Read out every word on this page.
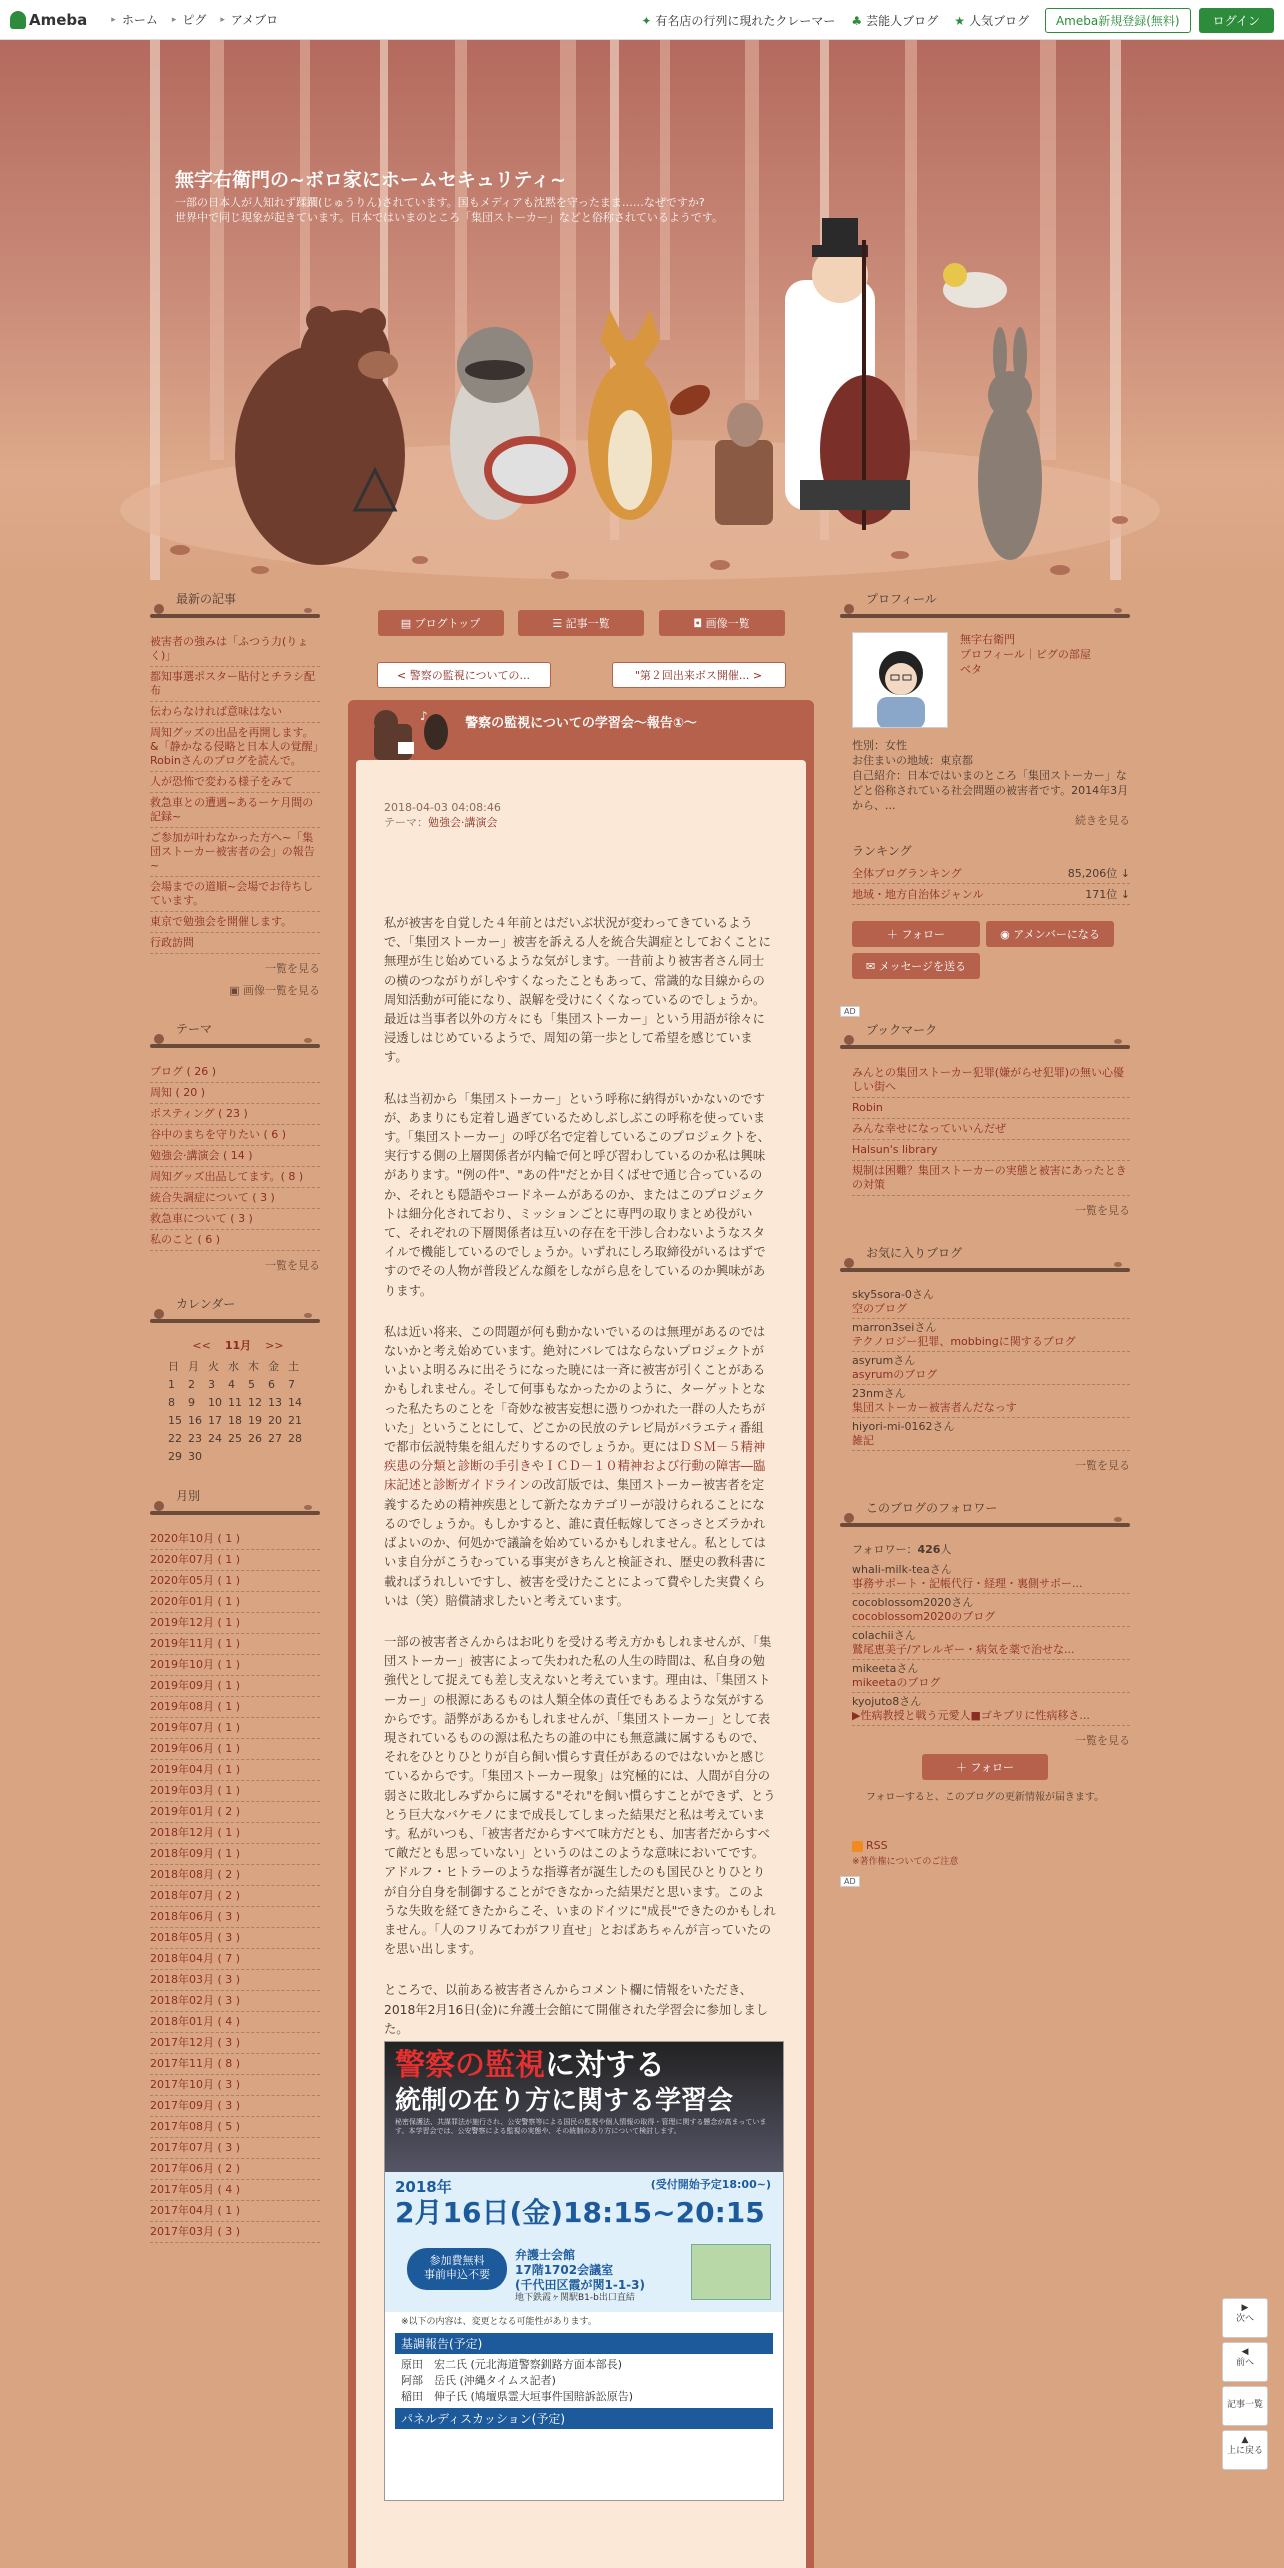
Ameba	▸ ホーム ▸ ピグ ▸ アメブロ	✦ 有名店の行列に現れたクレーマー ♣ 芸能人ブログ ★ 人気ブログ	Ameba新規登録(無料)	ログイン
無字右衛門の~ボロ家にホームセキュリティ~
一部の日本人が人知れず蹂躙(じゅうりん)されています。国もメディアも沈黙を守ったまま……なぜですか?
世界中で同じ現象が起きています。日本ではいまのところ「集団ストーカー」などと俗称されているようです。
最新の記事
被害者の強みは「ふつう力(りょく)」
都知事選ポスター貼付とチラシ配布
伝わらなければ意味はない
周知グッズの出品を再開します。&「静かなる侵略と日本人の覚醒」Robinさんのブログを読んで。
人が恐怖で変わる様子をみて
救急車との遭遇~あるーケ月間の記録~
ご参加が叶わなかった方へ~「集団ストーカー被害者の会」の報告~
会場までの道順~会場でお待ちしています。
東京で勉強会を開催します。
行政訪問
一覧を見る
▣ 画像一覧を見る
テーマ
ブログ ( 26 )
周知 ( 20 )
ポスティング ( 23 )
谷中のまちを守りたい ( 6 )
勉強会·講演会 ( 14 )
周知グッズ出品してます。( 8 )
統合失調症について ( 3 )
救急車について ( 3 )
私のこと ( 6 )
一覧を見る
カレンダー
<< 11月 >>
日	月	火	水	木	金	土
1	2	3	4	5	6	7
8	9	10	11	12	13	14
15	16	17	18	19	20	21
22	23	24	25	26	27	28
29	30					
月別
2020年10月 ( 1 )
2020年07月 ( 1 )
2020年05月 ( 1 )
2020年01月 ( 1 )
2019年12月 ( 1 )
2019年11月 ( 1 )
2019年10月 ( 1 )
2019年09月 ( 1 )
2019年08月 ( 1 )
2019年07月 ( 1 )
2019年06月 ( 1 )
2019年04月 ( 1 )
2019年03月 ( 1 )
2019年01月 ( 2 )
2018年12月 ( 1 )
2018年09月 ( 1 )
2018年08月 ( 2 )
2018年07月 ( 2 )
2018年06月 ( 3 )
2018年05月 ( 3 )
2018年04月 ( 7 )
2018年03月 ( 3 )
2018年02月 ( 3 )
2018年01月 ( 4 )
2017年12月 ( 3 )
2017年11月 ( 8 )
2017年10月 ( 3 )
2017年09月 ( 3 )
2017年08月 ( 5 )
2017年07月 ( 3 )
2017年06月 ( 2 )
2017年05月 ( 4 )
2017年04月 ( 1 )
2017年03月 ( 3 )
▤ ブログトップ	☰ 記事一覧	◘ 画像一覧
< 警察の監視についての...	"第２回出来ボス開催... >
♪	警察の監視についての学習会～報告①～
2018-04-03 04:08:46
テーマ：勉強会·講演会

私が被害を自覚した４年前とはだいぶ状況が変わってきているようで、「集団ストーカー」被害を訴える人を統合失調症としておくことに無理が生じ始めているような気がします。一昔前より被害者さん同士の横のつながりがしやすくなったこともあって、常識的な目線からの周知活動が可能になり、誤解を受けにくくなっているのでしょうか。最近は当事者以外の方々にも「集団ストーカー」という用語が徐々に浸透しはじめているようで、周知の第一歩として希望を感じています。

私は当初から「集団ストーカー」という呼称に納得がいかないのですが、あまりにも定着し過ぎているためしぶしぶこの呼称を使っています。「集団ストーカー」の呼び名で定着しているこのプロジェクトを、実行する側の上層関係者が内輪で何と呼び習わしているのか私は興味があります。"例の件"、"あの件"だとか目くばせで通じ合っているのか、それとも隠語やコードネームがあるのか、またはこのプロジェクトは細分化されており、ミッションごとに専門の取りまとめ役がいて、それぞれの下層関係者は互いの存在を干渉し合わないようなスタイルで機能しているのでしょうか。いずれにしろ取締役がいるはずですのでその人物が普段どんな顔をしながら息をしているのか興味があります。

私は近い将来、この問題が何も動かないでいるのは無理があるのではないかと考え始めています。絶対にバレてはならないプロジェクトがいよいよ明るみに出そうになった暁には一斉に被害が引くことがあるかもしれません。そして何事もなかったかのように、ターゲットとなった私たちのことを「奇妙な被害妄想に憑りつかれた一群の人たちがいた」ということにして、どこかの民放のテレビ局がバラエティ番組で都市伝説特集を組んだりするのでしょうか。更にはＤＳＭ－５精神疾患の分類と診断の手引きやＩＣＤ－１０精神および行動の障害―臨床記述と診断ガイドラインの改訂版では、集団ストーカー被害者を定義するための精神疾患として新たなカテゴリーが設けられることになるのでしょうか。もしかすると、誰に責任転嫁してさっさとズラかればよいのか、何処かで議論を始めているかもしれません。私としてはいま自分がこうむっている事実がきちんと検証され、歴史の教科書に載ればうれしいですし、被害を受けたことによって費やした実費くらいは（笑）賠償請求したいと考えています。

一部の被害者さんからはお叱りを受ける考え方かもしれませんが、「集団ストーカー」被害によって失われた私の人生の時間は、私自身の勉強代として捉えても差し支えないと考えています。理由は、「集団ストーカー」の根源にあるものは人類全体の責任でもあるような気がするからです。語弊があるかもしれませんが、「集団ストーカー」として表現されているものの源は私たちの誰の中にも無意識に属するもので、それをひとりひとりが自ら飼い慣らす責任があるのではないかと感じているからです。「集団ストーカー現象」は究極的には、人間が自分の弱さに敗北しみずからに属する"それ"を飼い慣らすことができず、とうとう巨大なバケモノにまで成長してしまった結果だと私は考えています。私がいつも、「被害者だからすべて味方だとも、加害者だからすべて敵だとも思っていない」というのはこのような意味においてです。アドルフ・ヒトラーのような指導者が誕生したのも国民ひとりひとりが自分自身を制御することができなかった結果だと思います。このような失敗を経てきたからこそ、いまのドイツに"成長"できたのかもしれません。「人のフリみてわがフリ直せ」とおばあちゃんが言っていたのを思い出します。

ところで、以前ある被害者さんからコメント欄に情報をいただき、2018年2月16日(金)に弁護士会館にて開催された学習会に参加しました。

警察の監視に対する
統制の在り方に関する学習会
秘密保護法、共謀罪法が施行され、公安警察等による国民の監視や個人情報の取得・管理に関する懸念が高まっています。本学習会では、公安警察による監視の実態や、その統制のあり方について検討します。
2018年
2月16日(金)18:15~20:15
(受付開始予定18:00~)
参加費無料
事前申込不要
弁護士会館
17階1702会議室
(千代田区霞が関1-1-3)
地下鉄霞ヶ関駅B1-b出口直結
※以下の内容は、変更となる可能性があります。
基調報告(予定)
原田　宏二氏 (元北海道警察釧路方面本部長)
阿部　岳氏 (沖縄タイムス記者)
稲田　伸子氏 (鳩壇県霊大垣事件国賠訴訟原告)
パネルディスカッション(予定)
プロフィール
無字右衛門
プロフィール｜ピグの部屋
ベタ
性別：女性
お住まいの地域：東京都
自己紹介：日本ではいまのところ「集団ストーカー」などと俗称されている社会問題の被害者です。2014年3月から、...
続きを見る
ランキング
全体ブログランキング	85,206位 ↓
地域・地方自治体ジャンル	171位 ↓
＋ フォロー	◉ アメンバーになる
✉ メッセージを送る
AD
ブックマーク
みんとの集団ストーカー犯罪(嫌がらせ犯罪)の無い心優しい街へ
Robin
みんな幸せになっていいんだぜ
Halsun's library
規制は困難？集団ストーカーの実態と被害にあったときの対策
一覧を見る
お気に入りブログ
sky5sora-0さん
空のブログ
marron3seiさん
テクノロジー犯罪、mobbingに関するブログ
asyrumさん
asyrumのブログ
23nmさん
集団ストーカー被害者んだなっす
hiyori-mi-0162さん
雑記
一覧を見る
このブログのフォロワー
フォロワー：426人
whali-milk-teaさん
事務サポート・記帳代行・経理・裏側サポー...
cocoblossom2020さん
cocoblossom2020のブログ
colachiiさん
鷲尾恵美子/アレルギー・病気を薬で治せな...
mikeetaさん
mikeetaのブログ
kyojuto8さん
▶性病教授と戦う元愛人■ゴキブリに性病移さ...
一覧を見る
＋ フォロー
フォローすると、このブログの更新情報が届きます。
RSS
※著作権についてのご注意
AD
▶
次へ
◀
前へ
記事一覧
▲
上に戻る
